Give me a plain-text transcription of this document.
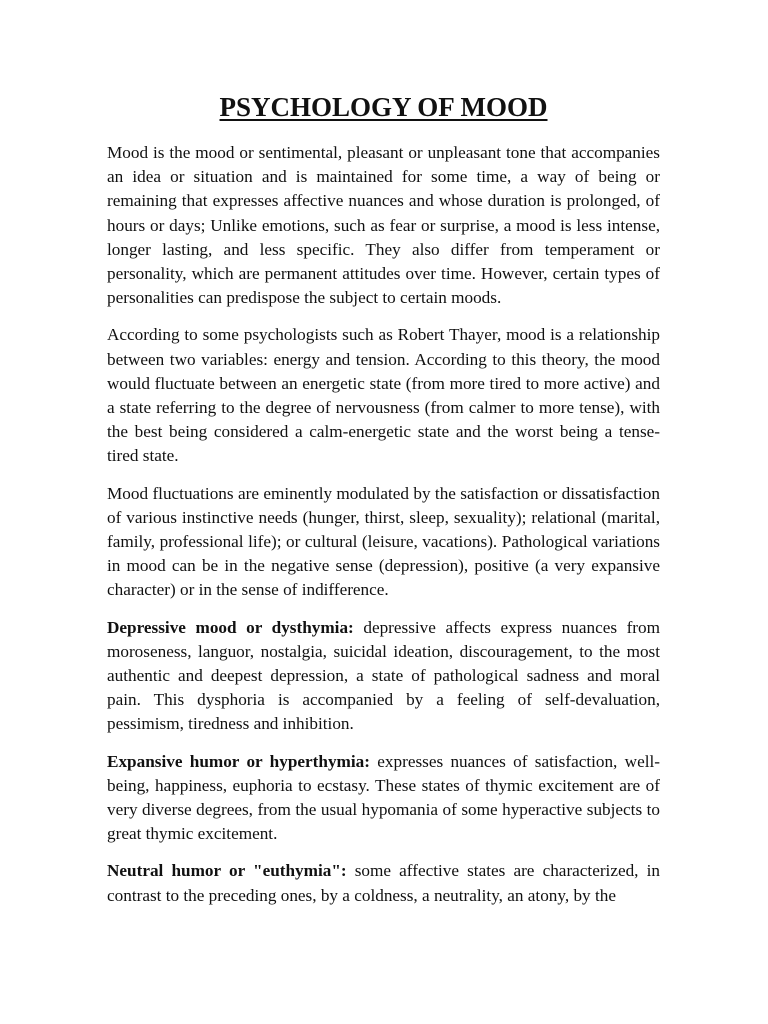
PSYCHOLOGY OF MOOD

Mood is the mood or sentimental, pleasant or unpleasant tone that accompanies an idea or situation and is maintained for some time, a way of being or remaining that expresses affective nuances and whose duration is prolonged, of hours or days; Unlike emotions, such as fear or surprise, a mood is less intense, longer lasting, and less specific. They also differ from temperament or personality, which are permanent attitudes over time. However, certain types of personalities can predispose the subject to certain moods.

According to some psychologists such as Robert Thayer, mood is a relationship between two variables: energy and tension. According to this theory, the mood would fluctuate between an energetic state (from more tired to more active) and a state referring to the degree of nervousness (from calmer to more tense), with the best being considered a calm-energetic state and the worst being a tense-tired state.

Mood fluctuations are eminently modulated by the satisfaction or dissatisfaction of various instinctive needs (hunger, thirst, sleep, sexuality); relational (marital, family, professional life); or cultural (leisure, vacations). Pathological variations in mood can be in the negative sense (depression), positive (a very expansive character) or in the sense of indifference.

Depressive mood or dysthymia: depressive affects express nuances from moroseness, languor, nostalgia, suicidal ideation, discouragement, to the most authentic and deepest depression, a state of pathological sadness and moral pain. This dysphoria is accompanied by a feeling of self-devaluation, pessimism, tiredness and inhibition.

Expansive humor or hyperthymia: expresses nuances of satisfaction, well-being, happiness, euphoria to ecstasy. These states of thymic excitement are of very diverse degrees, from the usual hypomania of some hyperactive subjects to great thymic excitement.

Neutral humor or "euthymia": some affective states are characterized, in contrast to the preceding ones, by a coldness, a neutrality, an atony, by the
